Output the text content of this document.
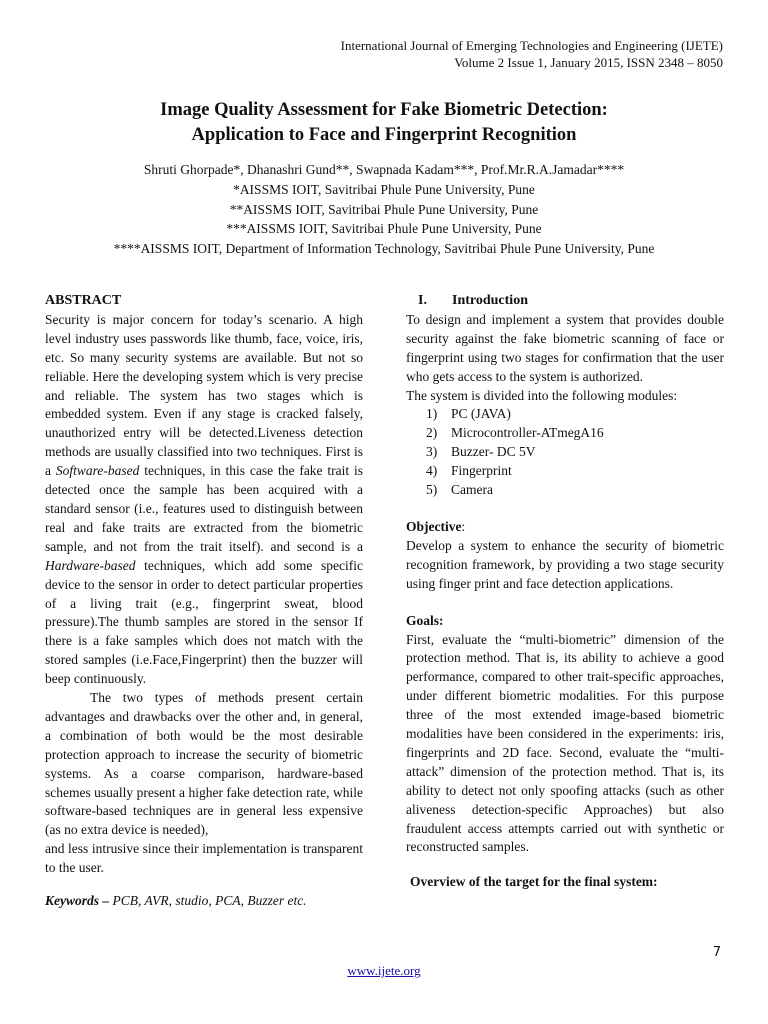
International Journal of Emerging Technologies and Engineering (IJETE)
Volume 2 Issue 1, January 2015, ISSN 2348 – 8050
Image Quality Assessment for Fake Biometric Detection:
Application to Face and Fingerprint Recognition
Shruti Ghorpade*, Dhanashri Gund**, Swapnada Kadam***, Prof.Mr.R.A.Jamadar****
*AISSMS IOIT, Savitribai Phule Pune University, Pune
**AISSMS IOIT, Savitribai Phule Pune University, Pune
***AISSMS IOIT, Savitribai Phule Pune University, Pune
****AISSMS IOIT, Department of Information Technology, Savitribai Phule Pune University, Pune
ABSTRACT

Security is major concern for today’s scenario. A high level industry uses passwords like thumb, face, voice, iris, etc. So many security systems are available. But not so reliable. Here the developing system which is very precise and reliable. The system has two stages which is embedded system. Even if any stage is cracked falsely, unauthorized entry will be detected.Liveness detection methods are usually classified into two techniques. First is a Software-based techniques, in this case the fake trait is detected once the sample has been acquired with a standard sensor (i.e., features used to distinguish between real and fake traits are extracted from the biometric sample, and not from the trait itself). and second is a Hardware-based techniques, which add some specific device to the sensor in order to detect particular properties of a living trait (e.g., fingerprint sweat, blood pressure).The thumb samples are stored in the sensor If there is a fake samples which does not match with the stored samples (i.e.Face,Fingerprint) then the buzzer will beep continuously.

The two types of methods present certain advantages and drawbacks over the other and, in general, a combination of both would be the most desirable protection approach to increase the security of biometric systems. As a coarse comparison, hardware-based schemes usually present a higher fake detection rate, while software-based techniques are in general less expensive (as no extra device is needed),

and less intrusive since their implementation is transparent to the user.

Keywords – PCB, AVR, studio, PCA, Buzzer etc.

I. Introduction

To design and implement a system that provides double security against the fake biometric scanning of face or fingerprint using two stages for confirmation that the user who gets access to the system is authorized.

The system is divided into the following modules:

1) PC (JAVA)
2) Microcontroller-ATmegA16
3) Buzzer- DC 5V
4) Fingerprint
5) Camera

Objective:

Develop a system to enhance the security of biometric recognition framework, by providing a two stage security using finger print and face detection applications.

Goals:

First, evaluate the “multi-biometric” dimension of the protection method. That is, its ability to achieve a good performance, compared to other trait-specific approaches, under different biometric modalities. For this purpose three of the most extended image-based biometric modalities have been considered in the experiments: iris, fingerprints and 2D face. Second, evaluate the “multi-attack” dimension of the protection method. That is, its ability to detect not only spoofing attacks (such as other aliveness detection-specific Approaches) but also fraudulent access attempts carried out with synthetic or reconstructed samples.

Overview of the target for the final system:

7
www.ijete.org
